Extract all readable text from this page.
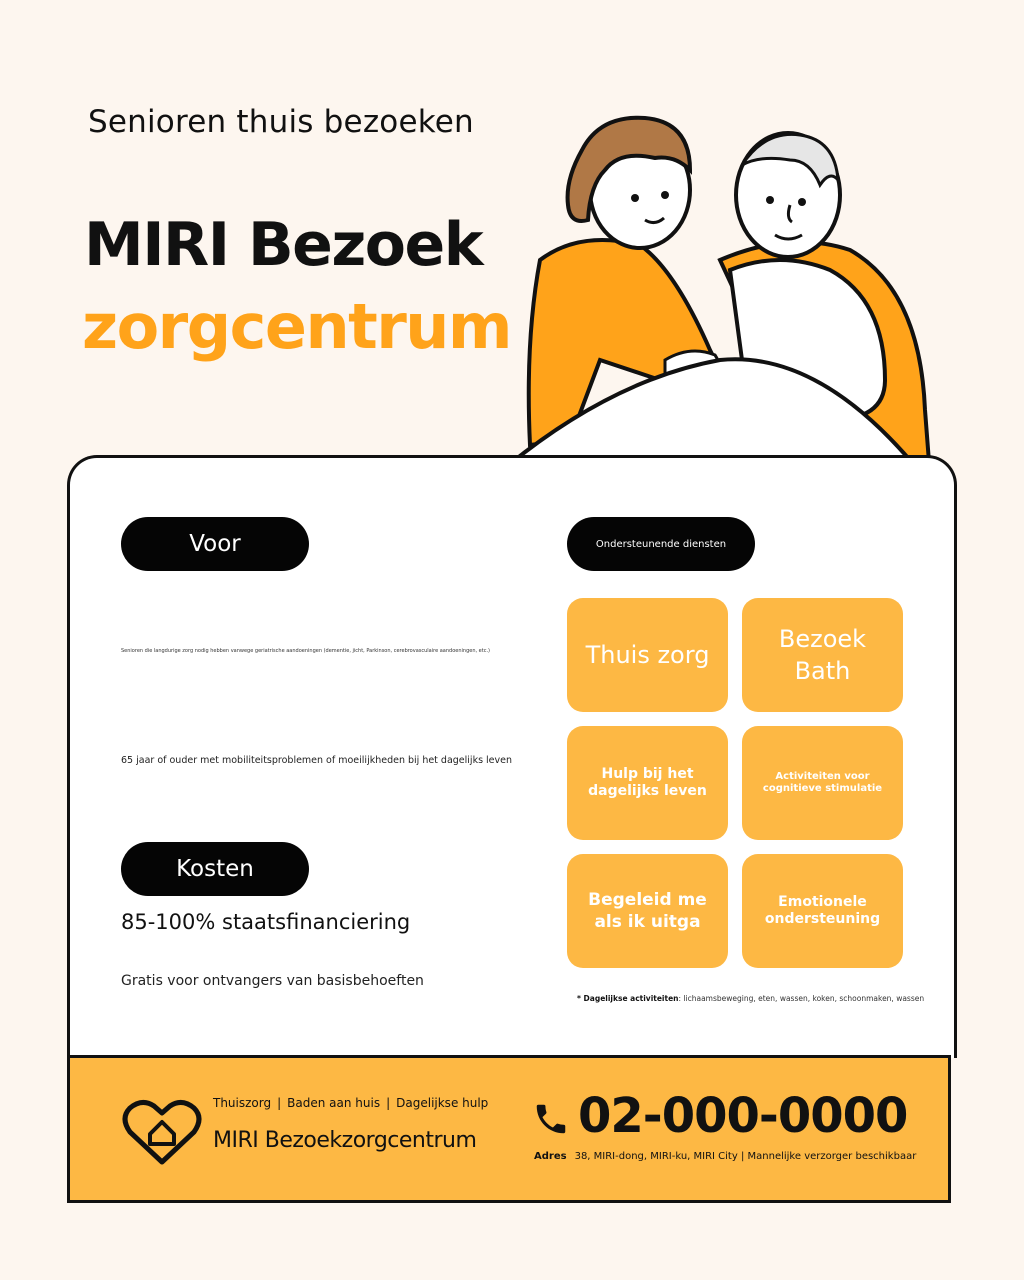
Senioren thuis bezoeken
MIRI Bezoek
zorgcentrum
Voor
Senioren die langdurige zorg nodig hebben vanwege geriatrische aandoeningen (dementie, jicht, Parkinson, cerebrovasculaire aandoeningen, etc.)
65 jaar of ouder met mobiliteitsproblemen of moeilijkheden bij het dagelijks leven
Kosten
85-100% staatsfinanciering
Gratis voor ontvangers van basisbehoeften
Ondersteunende diensten
Thuis zorg
Bezoek Bath
Hulp bij het dagelijks leven
Activiteiten voor cognitieve stimulatie
Begeleid me als ik uitga
Emotionele ondersteuning
* Dagelijkse activiteiten: lichaamsbeweging, eten, wassen, koken, schoonmaken, wassen
Thuiszorg | Baden aan huis | Dagelijkse hulp
MIRI Bezoekzorgcentrum 02-000-0000
Adres 38, MIRI-dong, MIRI-ku, MIRI City | Mannelijke verzorger beschikbaar
